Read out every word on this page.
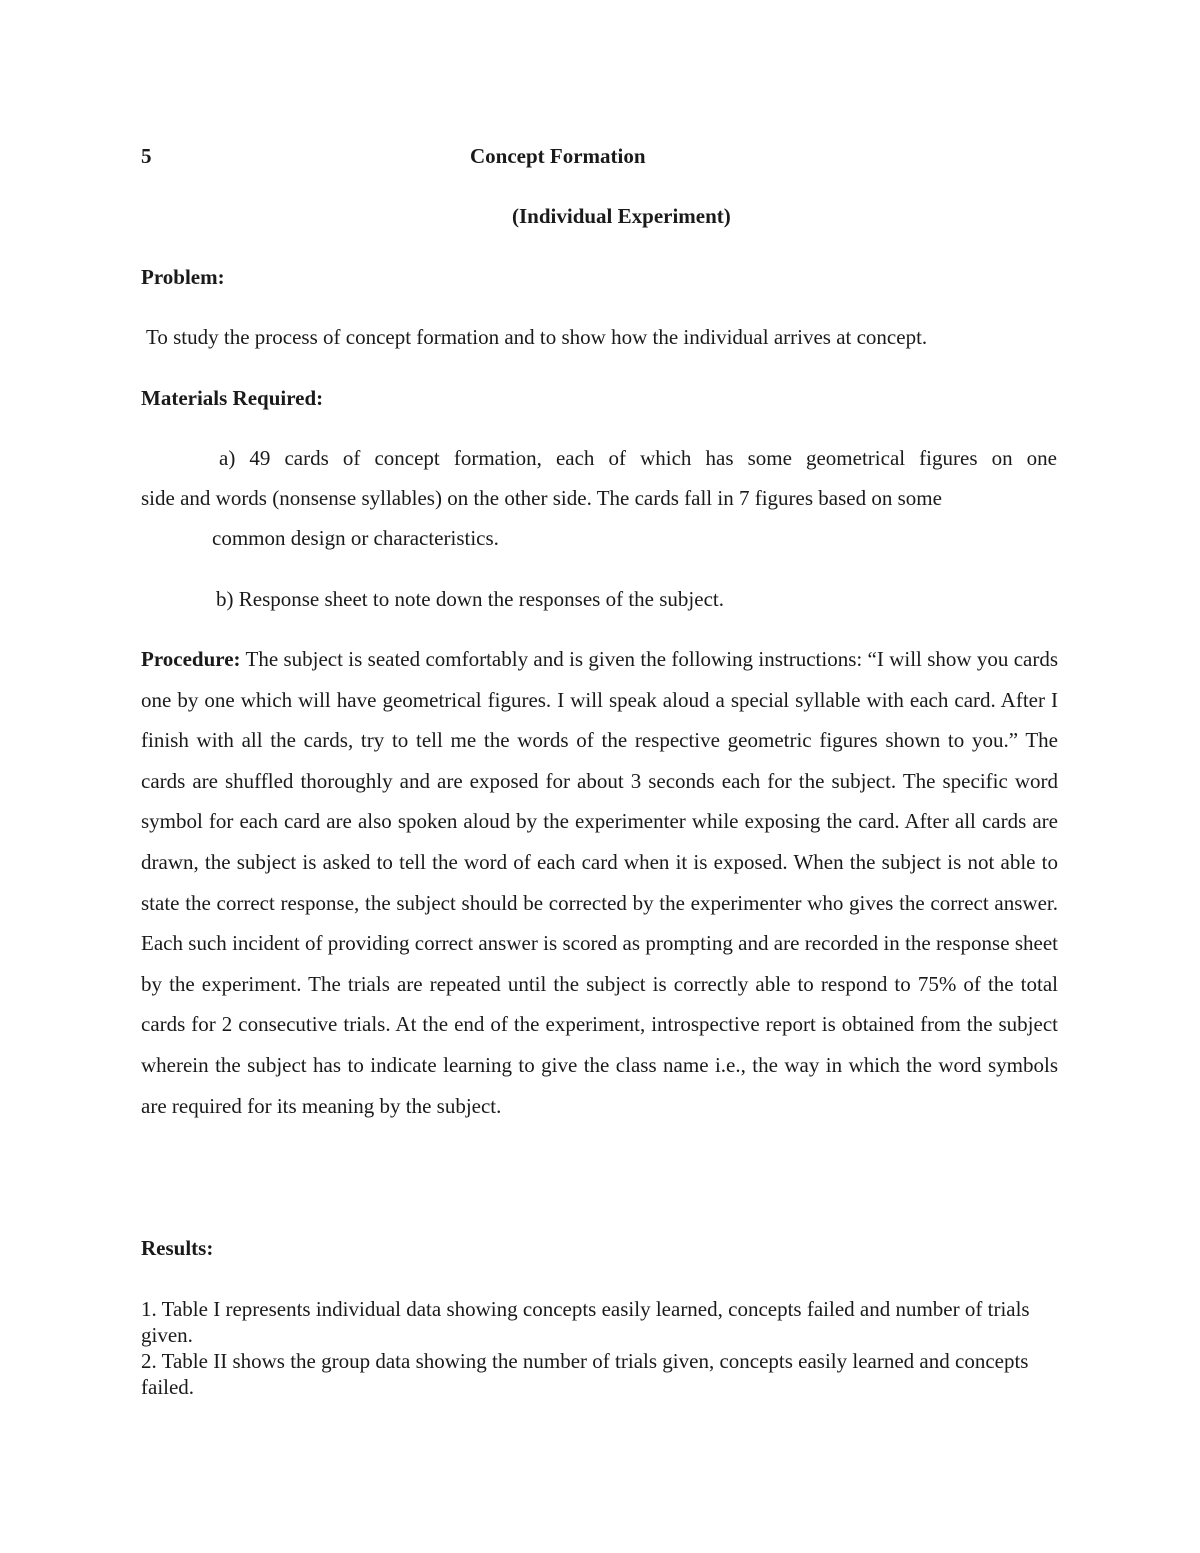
5	Concept Formation

(Individual Experiment)

Problem:

To study the process of concept formation and to show how the individual arrives at concept.

Materials Required:

a) 49 cards of concept formation, each of which has some geometrical figures on one

side and words (nonsense syllables) on the other side. The cards fall in 7 figures based on some

common design or characteristics.

b) Response sheet to note down the responses of the subject.

Procedure: The subject is seated comfortably and is given the following instructions: “I will show you cards one by one which will have geometrical figures. I will speak aloud a special syllable with each card. After I finish with all the cards, try to tell me the words of the respective geometric figures shown to you.” The cards are shuffled thoroughly and are exposed for about 3 seconds each for the subject. The specific word symbol for each card are also spoken aloud by the experimenter while exposing the card. After all cards are drawn, the subject is asked to tell the word of each card when it is exposed. When the subject is not able to state the correct response, the subject should be corrected by the experimenter who gives the correct answer. Each such incident of providing correct answer is scored as prompting and are recorded in the response sheet by the experiment. The trials are repeated until the subject is correctly able to respond to 75% of the total cards for 2 consecutive trials. At the end of the experiment, introspective report is obtained from the subject wherein the subject has to indicate learning to give the class name i.e., the way in which the word symbols are required for its meaning by the subject.

Results:

1. Table I represents individual data showing concepts easily learned, concepts failed and number of trials given.

2. Table II shows the group data showing the number of trials given, concepts easily learned and concepts failed.
